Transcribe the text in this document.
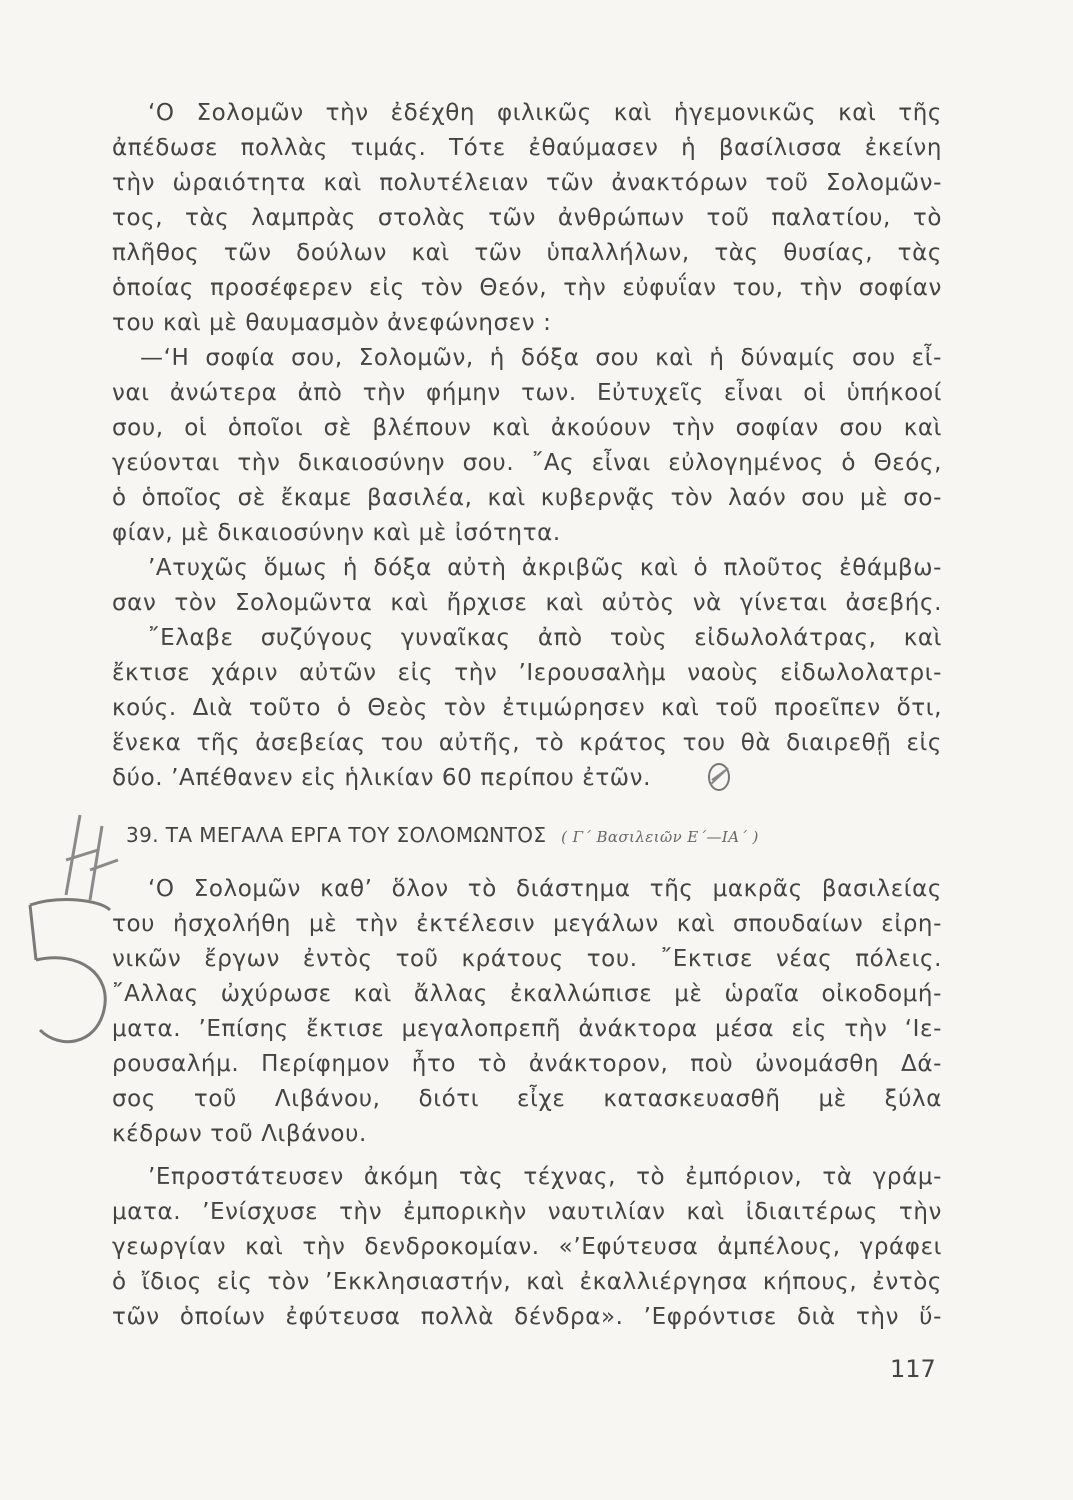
‘Ο Σολομῶν τὴν ἐδέχθη φιλικῶς καὶ ἡγεμονικῶς καὶ τῆς
ἀπέδωσε πολλὰς τιμάς. Τότε ἐθαύμασεν ἡ βασίλισσα ἐκείνη
τὴν ὡραιότητα καὶ πολυτέλειαν τῶν ἀνακτόρων τοῦ Σολομῶν-
τος, τὰς λαμπρὰς στολὰς τῶν ἀνθρώπων τοῦ παλατίου, τὸ
πλῆθος τῶν δούλων καὶ τῶν ὑπαλλήλων, τὰς θυσίας, τὰς
ὁποίας προσέφερεν εἰς τὸν Θεόν, τὴν εὐφυΐαν του, τὴν σοφίαν
του καὶ μὲ θαυμασμὸν ἀνεφώνησεν :
—‘Η σοφία σου, Σολομῶν, ἡ δόξα σου καὶ ἡ δύναμίς σου εἶ-
ναι ἀνώτερα ἀπὸ τὴν φήμην των. Εὐτυχεῖς εἶναι οἱ ὑπήκοοί
σου, οἱ ὁποῖοι σὲ βλέπουν καὶ ἀκούουν τὴν σοφίαν σου καὶ
γεύονται τὴν δικαιοσύνην σου. ῎Ας εἶναι εὐλογημένος ὁ Θεός,
ὁ ὁποῖος σὲ ἔκαμε βασιλέα, καὶ κυβερνᾷς τὸν λαόν σου μὲ σο-
φίαν, μὲ δικαιοσύνην καὶ μὲ ἰσότητα.
’Ατυχῶς ὅμως ἡ δόξα αὐτὴ ἀκριβῶς καὶ ὁ πλοῦτος ἐθάμβω-
σαν τὸν Σολομῶντα καὶ ἤρχισε καὶ αὐτὸς νὰ γίνεται ἀσεβής.
῎Ελαβε συζύγους γυναῖκας ἀπὸ τοὺς εἰδωλολάτρας, καὶ
ἔκτισε χάριν αὐτῶν εἰς τὴν ’Ιερουσαλὴμ ναοὺς εἰδωλολατρι-
κούς. Διὰ τοῦτο ὁ Θεὸς τὸν ἐτιμώρησεν καὶ τοῦ προεῖπεν ὅτι,
ἕνεκα τῆς ἀσεβείας του αὐτῆς, τὸ κράτος του θὰ διαιρεθῇ εἰς
δύο. ’Απέθανεν εἰς ἡλικίαν 60 περίπου ἐτῶν.
39. ΤΑ ΜΕΓΑΛΑ ΕΡΓΑ ΤΟΥ ΣΟΛΟΜΩΝΤΟΣ ( Γ΄ Βασιλειῶν Ε΄—ΙΑ΄ )
‘Ο Σολομῶν καθ’ ὅλον τὸ διάστημα τῆς μακρᾶς βασιλείας
του ἠσχολήθη μὲ τὴν ἐκτέλεσιν μεγάλων καὶ σπουδαίων εἰρη-
νικῶν ἔργων ἐντὸς τοῦ κράτους του. ῎Εκτισε νέας πόλεις.
῎Αλλας ὠχύρωσε καὶ ἄλλας ἐκαλλώπισε μὲ ὡραῖα οἰκοδομή-
ματα. ’Επίσης ἔκτισε μεγαλοπρεπῆ ἀνάκτορα μέσα εἰς τὴν ‘Ιε-
ρουσαλήμ. Περίφημον ἦτο τὸ ἀνάκτορον, ποὺ ὠνομάσθη Δά-
σος τοῦ Λιβάνου, διότι εἶχε κατασκευασθῆ μὲ ξύλα
κέδρων τοῦ Λιβάνου.
’Επροστάτευσεν ἀκόμη τὰς τέχνας, τὸ ἐμπόριον, τὰ γράμ-
ματα. ’Ενίσχυσε τὴν ἐμπορικὴν ναυτιλίαν καὶ ἰδιαιτέρως τὴν
γεωργίαν καὶ τὴν δενδροκομίαν. «’Εφύτευσα ἀμπέλους, γράφει
ὁ ἴδιος εἰς τὸν ’Εκκλησιαστήν, καὶ ἐκαλλιέργησα κήπους, ἐντὸς
τῶν ὁποίων ἐφύτευσα πολλὰ δένδρα». ’Εφρόντισε διὰ τὴν ὕ-
117
11
5
